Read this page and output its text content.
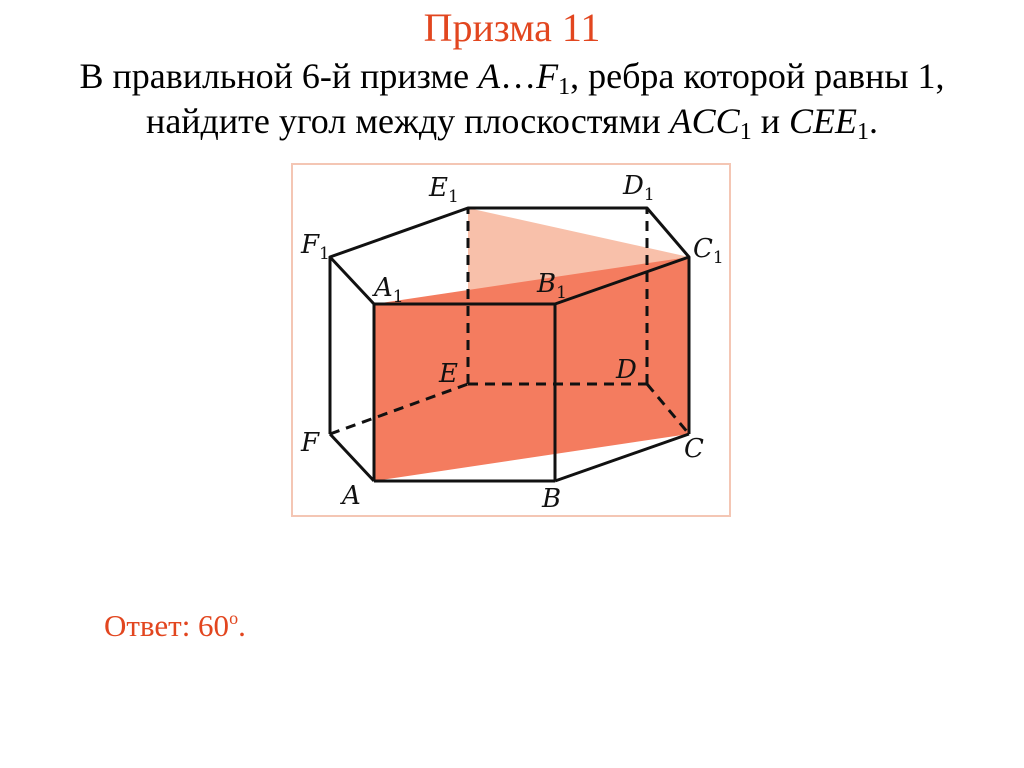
Призма 11
В правильной 6-й призме $A\dots F_1$, ребра которой равны 1,
найдите угол между плоскостями $ACC_1$ и $CEE_1$.
$E_1$	$D_1$
$F_1$	$C_1$
$A_1$	$B_1$
E	D
F	C
A	B
Ответ: $60^о$.
